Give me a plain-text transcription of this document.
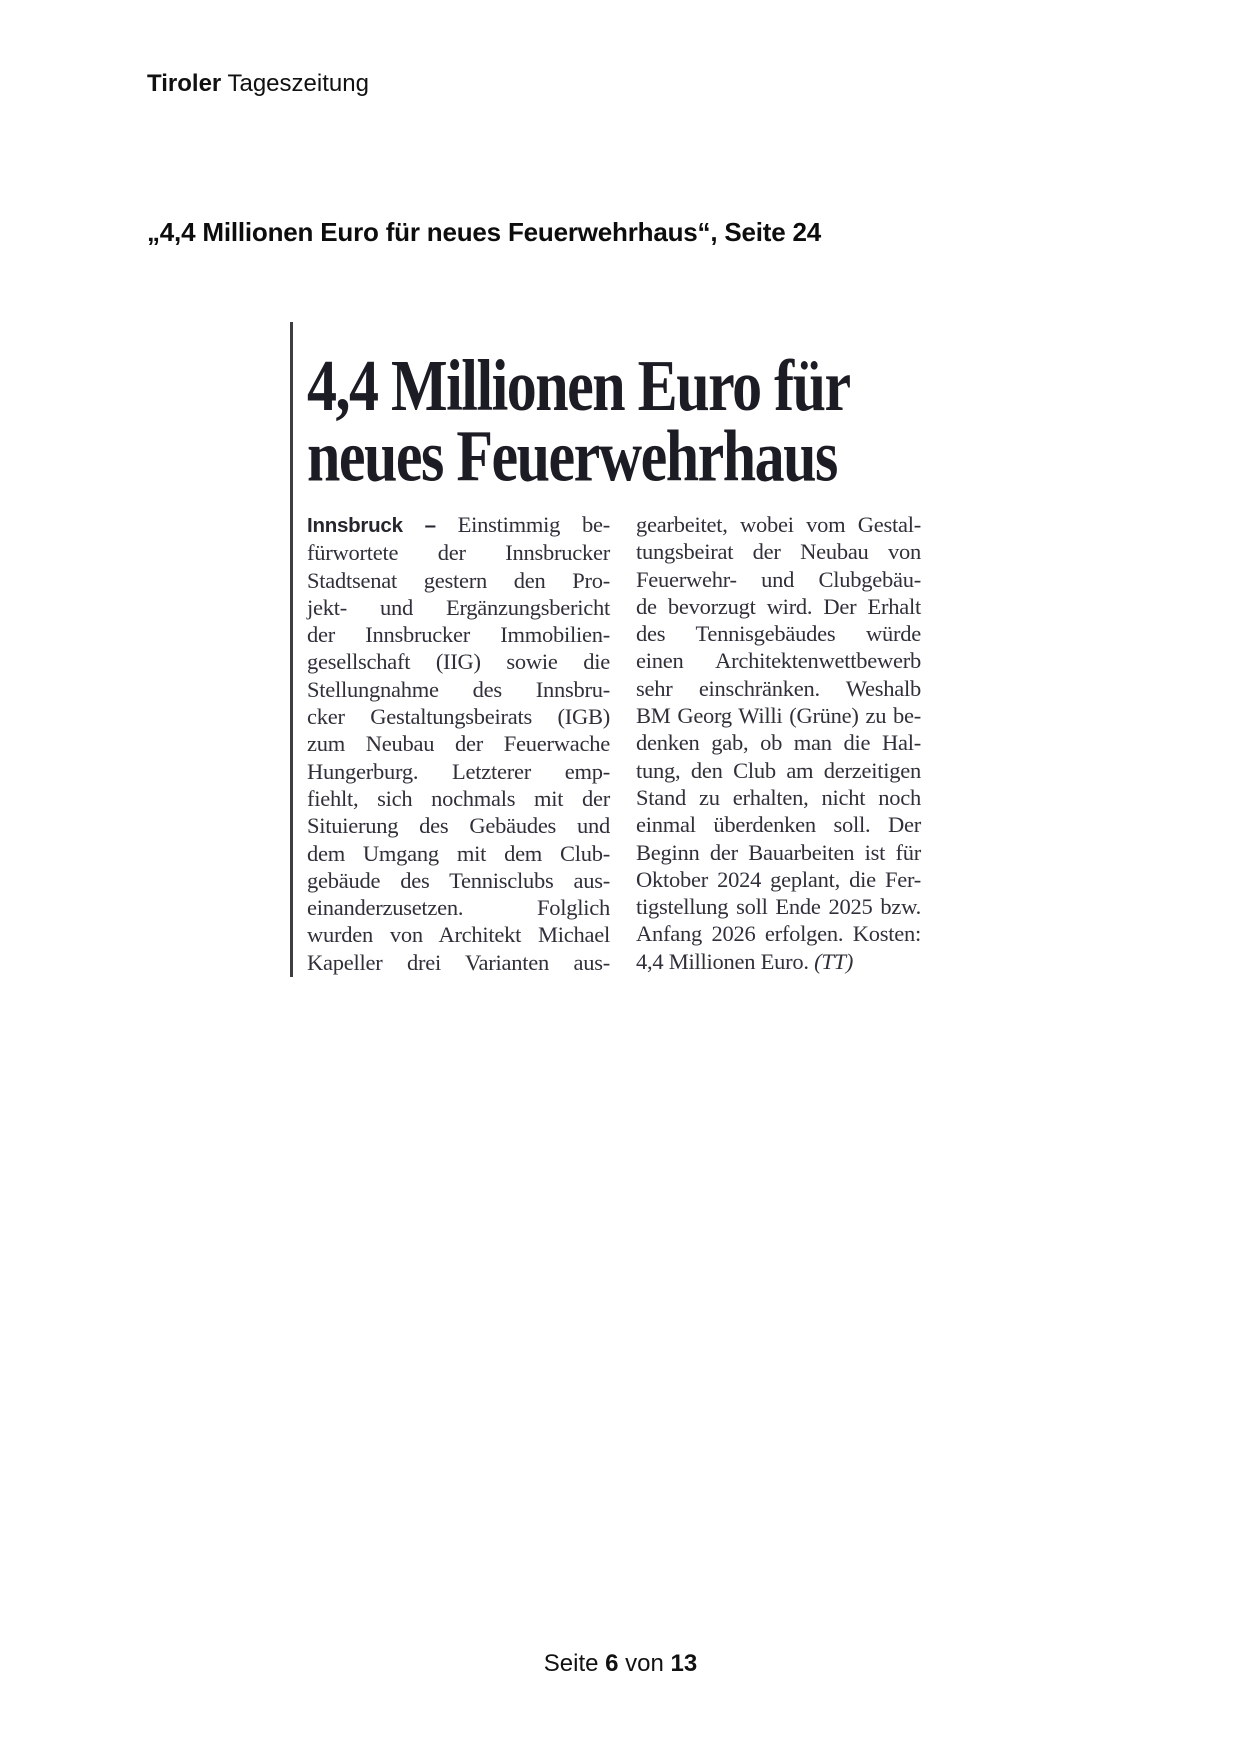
Tiroler Tageszeitung
„4,4 Millionen Euro für neues Feuerwehrhaus“, Seite 24
4,4 Millionen Euro für
neues Feuerwehrhaus
Innsbruck – Einstimmig be-
fürwortete der Innsbrucker
Stadtsenat gestern den Pro-
jekt- und Ergänzungsbericht
der Innsbrucker Immobilien-
gesellschaft (IIG) sowie die
Stellungnahme des Innsbru-
cker Gestaltungsbeirats (IGB)
zum Neubau der Feuerwache
Hungerburg. Letzterer emp-
fiehlt, sich nochmals mit der
Situierung des Gebäudes und
dem Umgang mit dem Club-
gebäude des Tennisclubs aus-
einanderzusetzen. Folglich
wurden von Architekt Michael
Kapeller drei Varianten aus-
gearbeitet, wobei vom Gestal-
tungsbeirat der Neubau von
Feuerwehr- und Clubgebäu-
de bevorzugt wird. Der Erhalt
des Tennisgebäudes würde
einen Architektenwettbewerb
sehr einschränken. Weshalb
BM Georg Willi (Grüne) zu be-
denken gab, ob man die Hal-
tung, den Club am derzeitigen
Stand zu erhalten, nicht noch
einmal überdenken soll. Der
Beginn der Bauarbeiten ist für
Oktober 2024 geplant, die Fer-
tigstellung soll Ende 2025 bzw.
Anfang 2026 erfolgen. Kosten:
4,4 Millionen Euro. (TT)
Seite 6 von 13
